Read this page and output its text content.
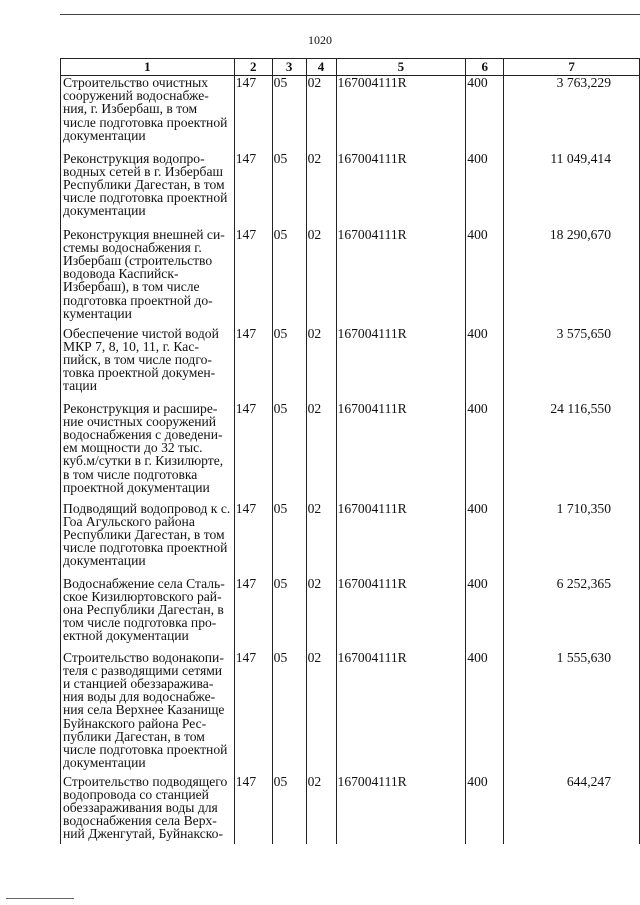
1020
1	2	3	4	5	6	7
Строительство очистных сооружений водоснабже-ния, г. Избербаш, в том числе подготовка проектной документации	147	05	02	167004111R	400	3 763,229
Реконструкция водопро-водных сетей в г. Избербаш Республики Дагестан, в том числе подготовка проектной документации	147	05	02	167004111R	400	11 049,414
Реконструкция внешней си-стемы водоснабжения г. Избербаш (строительство водовода Каспийск-Избербаш), в том числе подготовка проектной до-кументации	147	05	02	167004111R	400	18 290,670
Обеспечение чистой водой МКР 7, 8, 10, 11, г. Кас-пийск, в том числе подго-товка проектной докумен-тации	147	05	02	167004111R	400	3 575,650
Реконструкция и расшире-ние очистных сооружений водоснабжения с доведени-ем мощности до 32 тыс. куб.м/сутки в г. Кизилюрте, в том числе подготовка проектной документации	147	05	02	167004111R	400	24 116,550
Подводящий водопровод к с. Гоа Агульского района Республики Дагестан, в том числе подготовка проектной документации	147	05	02	167004111R	400	1 710,350
Водоснабжение села Сталь-ское Кизилюртовского рай-она Республики Дагестан, в том числе подготовка про-ектной документации	147	05	02	167004111R	400	6 252,365
Строительство водонакопи-теля с разводящими сетями и станцией обеззаражива-ния воды для водоснабже-ния села Верхнее Казанище Буйнакского района Рес-публики Дагестан, в том числе подготовка проектной документации	147	05	02	167004111R	400	1 555,630
Строительство подводящего водопровода со станцией обеззараживания воды для водоснабжения села Верх-ний Дженгутай, Буйнакско-	147	05	02	167004111R	400	644,247
